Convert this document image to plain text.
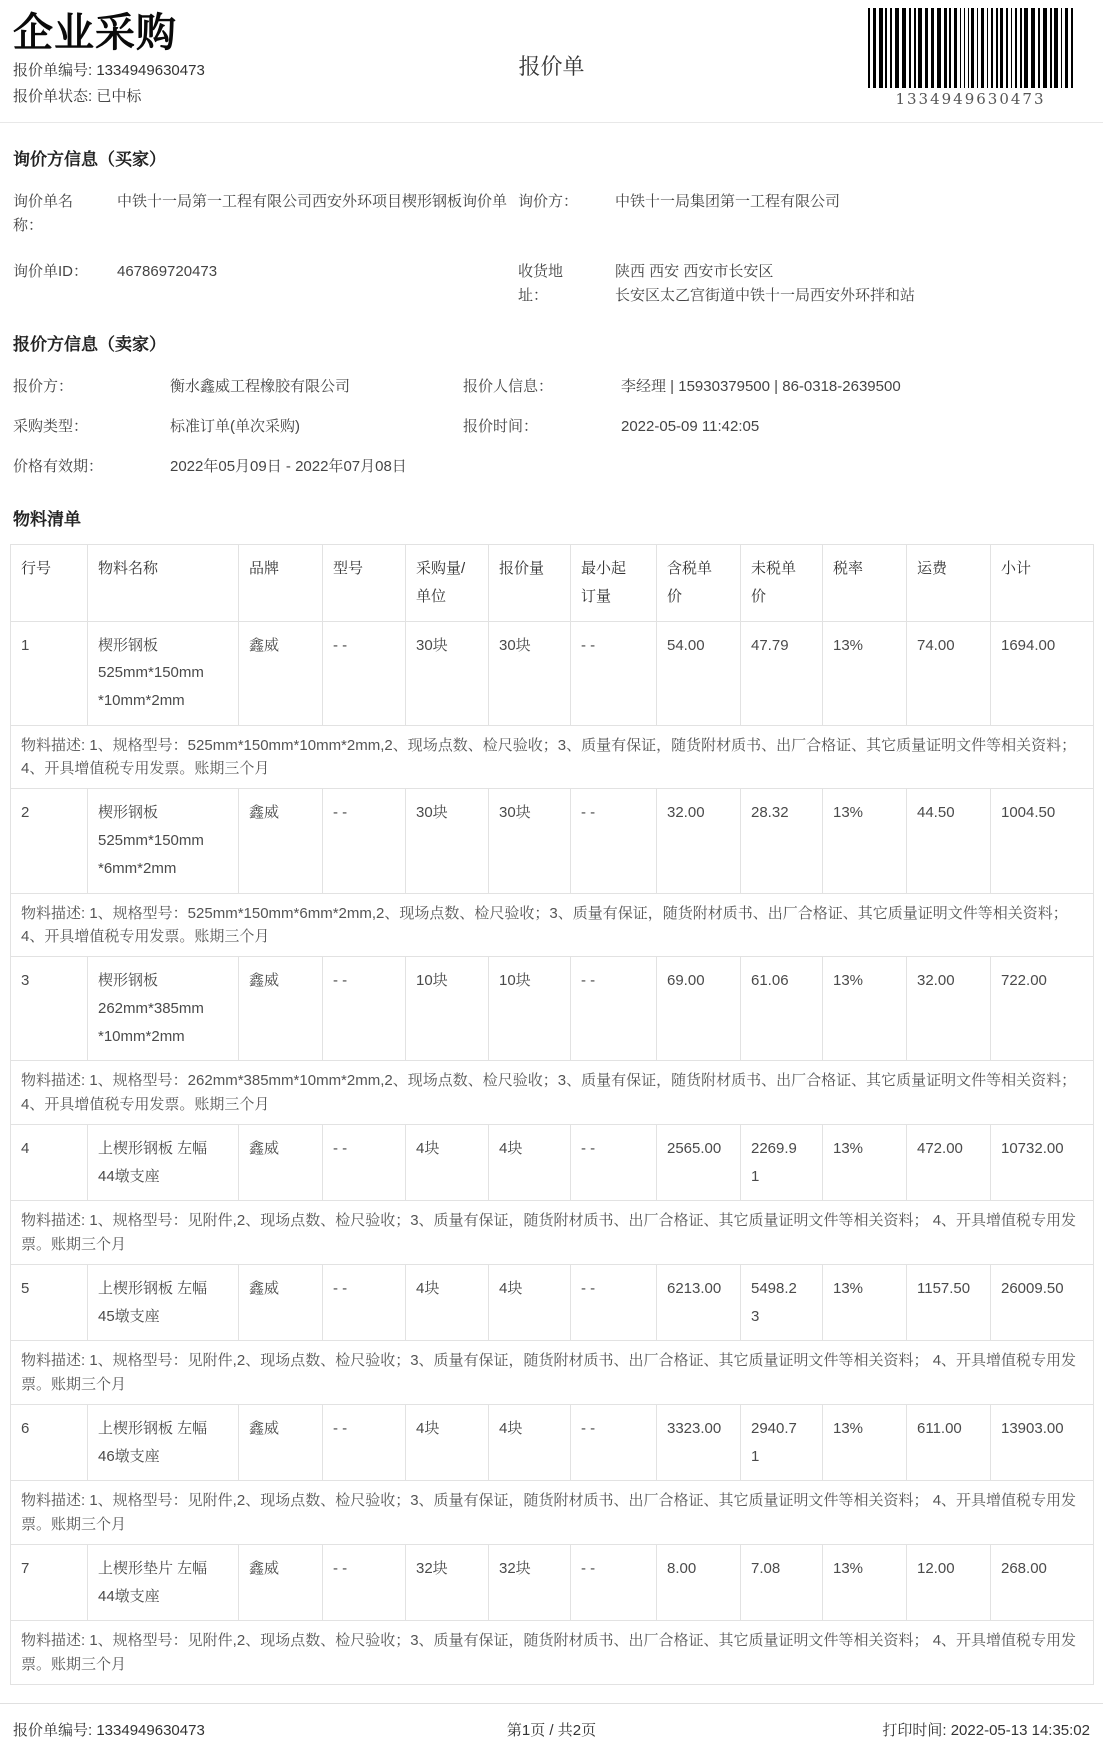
企业采购
报价单编号: 1334949630473
报价单状态: 已中标
报价单
1334949630473
询价方信息（买家）
询价单名称：
中铁十一局第一工程有限公司西安外环项目楔形钢板询价单 询价方：	中铁十一局集团第一工程有限公司
询价单ID：	467869720473	收货地址：
陕西 西安 西安市长安区
长安区太乙宫街道中铁十一局西安外环拌和站
报价方信息（卖家）
报价方：	衡水鑫威工程橡胶有限公司	报价人信息：	李经理 | 15930379500 | 86-0318-2639500
采购类型：	标准订单(单次采购)	报价时间：	2022-05-09 11:42:05
价格有效期：	2022年05月09日 - 2022年07月08日
物料清单
行号	物料名称	品牌	型号	采购量/单位	报价量	最小起订量	含税单价	未税单价	税率	运费	小计
1	楔形钢板 525mm*150mm*10mm*2mm	鑫威	- -	30块	30块	- -	54.00	47.79	13%	74.00	1694.00
物料描述: 1、规格型号：525mm*150mm*10mm*2mm,2、现场点数、检尺验收；3、质量有保证，随货附材质书、出厂合格证、其它质量证明文件等相关资料； 4、开具增值税专用发票。账期三个月											
2	楔形钢板 525mm*150mm*6mm*2mm	鑫威	- -	30块	30块	- -	32.00	28.32	13%	44.50	1004.50
物料描述: 1、规格型号：525mm*150mm*6mm*2mm,2、现场点数、检尺验收；3、质量有保证，随货附材质书、出厂合格证、其它质量证明文件等相关资料； 4、开具增值税专用发票。账期三个月											
3	楔形钢板 262mm*385mm*10mm*2mm	鑫威	- -	10块	10块	- -	69.00	61.06	13%	32.00	722.00
物料描述: 1、规格型号：262mm*385mm*10mm*2mm,2、现场点数、检尺验收；3、质量有保证，随货附材质书、出厂合格证、其它质量证明文件等相关资料； 4、开具增值税专用发票。账期三个月											
4	上楔形钢板 左幅44墩支座	鑫威	- -	4块	4块	- -	2565.00	2269.91	13%	472.00	10732.00
物料描述: 1、规格型号：见附件,2、现场点数、检尺验收；3、质量有保证，随货附材质书、出厂合格证、其它质量证明文件等相关资料； 4、开具增值税专用发票。账期三个月											
5	上楔形钢板 左幅45墩支座	鑫威	- -	4块	4块	- -	6213.00	5498.23	13%	1157.50	26009.50
物料描述: 1、规格型号：见附件,2、现场点数、检尺验收；3、质量有保证，随货附材质书、出厂合格证、其它质量证明文件等相关资料； 4、开具增值税专用发票。账期三个月											
6	上楔形钢板 左幅46墩支座	鑫威	- -	4块	4块	- -	3323.00	2940.71	13%	611.00	13903.00
物料描述: 1、规格型号：见附件,2、现场点数、检尺验收；3、质量有保证，随货附材质书、出厂合格证、其它质量证明文件等相关资料； 4、开具增值税专用发票。账期三个月											
7	上楔形垫片 左幅44墩支座	鑫威	- -	32块	32块	- -	8.00	7.08	13%	12.00	268.00
物料描述: 1、规格型号：见附件,2、现场点数、检尺验收；3、质量有保证，随货附材质书、出厂合格证、其它质量证明文件等相关资料； 4、开具增值税专用发票。账期三个月											
报价单编号: 1334949630473	第1页 / 共2页	打印时间: 2022-05-13 14:35:02
